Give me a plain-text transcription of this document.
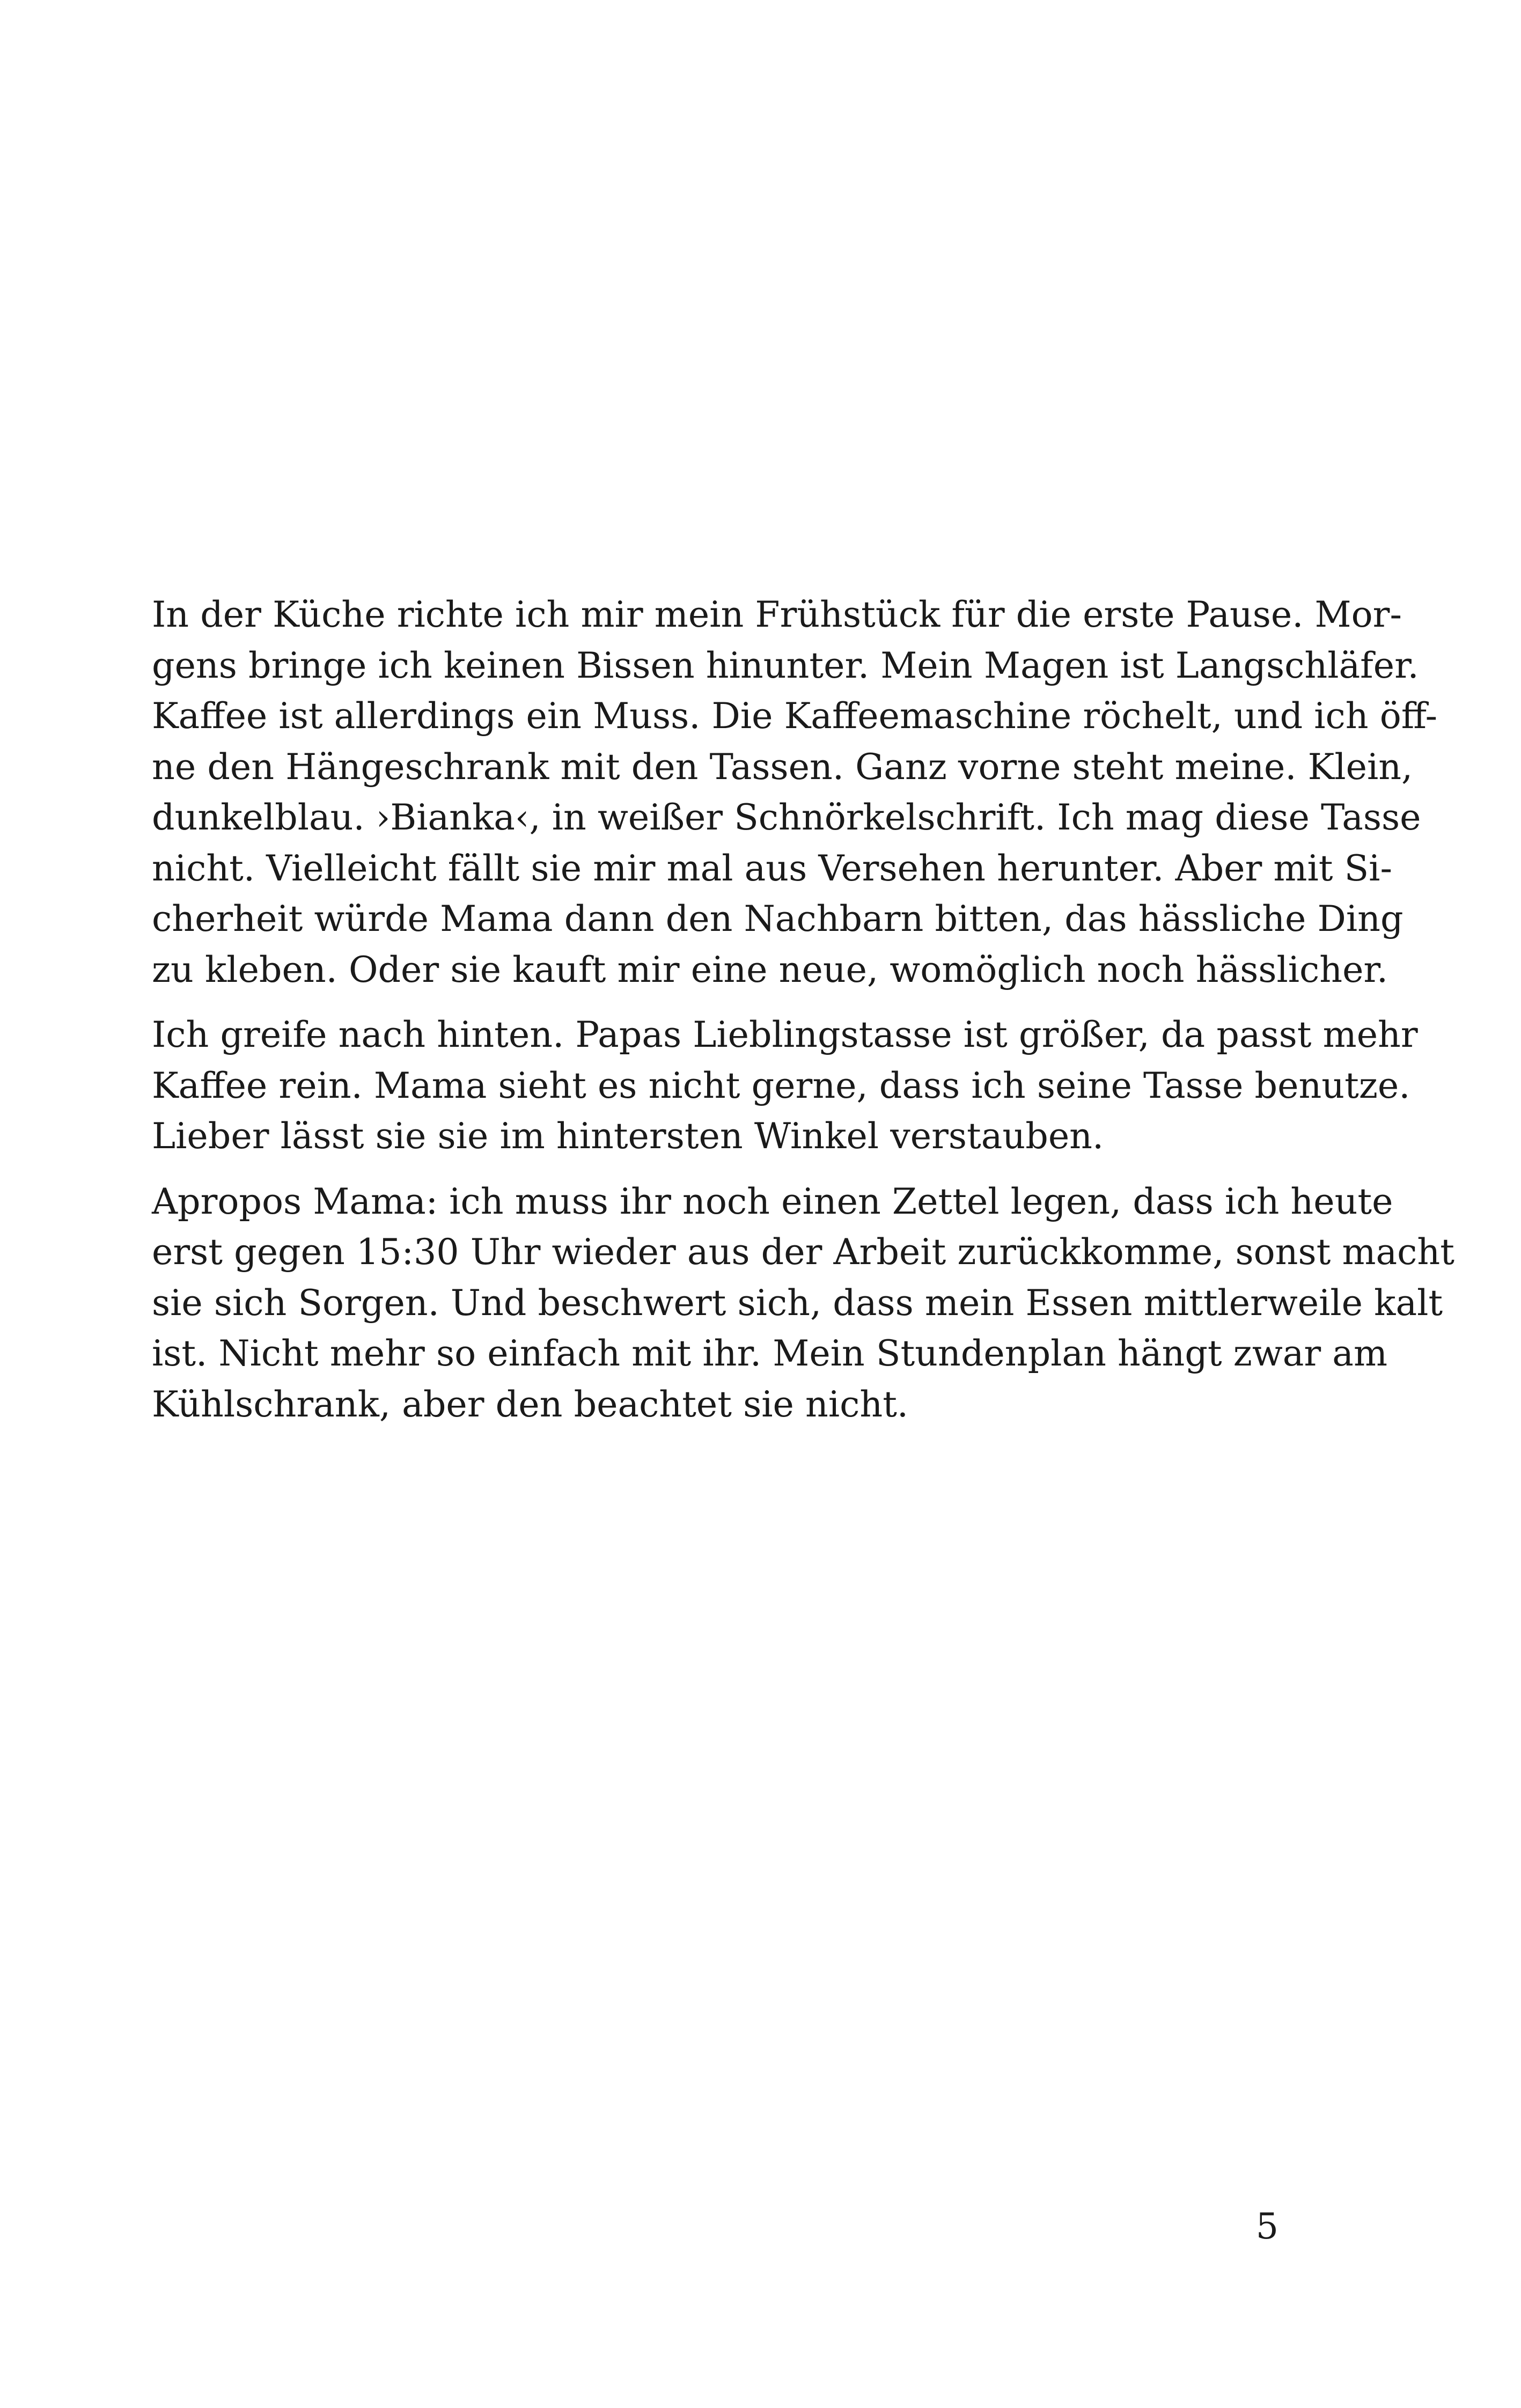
In der Küche richte ich mir mein Frühstück für die erste Pause. Mor-
gens bringe ich keinen Bissen hinunter. Mein Magen ist Langschläfer.
Kaffee ist allerdings ein Muss. Die Kaffeemaschine röchelt, und ich öff-
ne den Hängeschrank mit den Tassen. Ganz vorne steht meine. Klein,
dunkelblau. ›Bianka‹, in weißer Schnörkelschrift. Ich mag diese Tasse
nicht. Vielleicht fällt sie mir mal aus Versehen herunter. Aber mit Si-
cherheit würde Mama dann den Nachbarn bitten, das hässliche Ding
zu kleben. Oder sie kauft mir eine neue, womöglich noch hässlicher.

Ich greife nach hinten. Papas Lieblingstasse ist größer, da passt mehr
Kaffee rein. Mama sieht es nicht gerne, dass ich seine Tasse benutze.
Lieber lässt sie sie im hintersten Winkel verstauben.

Apropos Mama: ich muss ihr noch einen Zettel legen, dass ich heute
erst gegen 15:30 Uhr wieder aus der Arbeit zurückkomme, sonst macht
sie sich Sorgen. Und beschwert sich, dass mein Essen mittlerweile kalt
ist. Nicht mehr so einfach mit ihr. Mein Stundenplan hängt zwar am
Kühlschrank, aber den beachtet sie nicht.

5
